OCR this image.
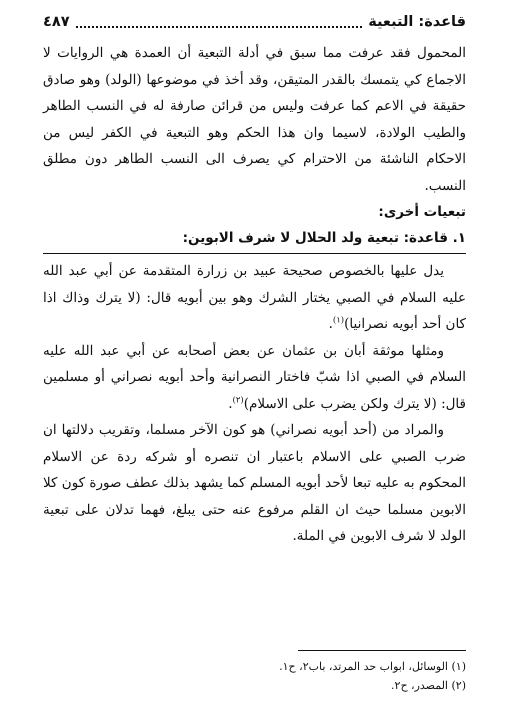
قاعدة: التبعية
٤٨٧

المحمول فقد عرفت مما سبق في أدلة التبعية أن العمدة هي الروايات لا الاجماع كي يتمسك بالقدر المتيقن، وقد أخذ في موضوعها (الولد) وهو صادق حقيقة في الاعم كما عرفت وليس من قرائن صارفة له في النسب الطاهر والطيب الولادة، لاسيما وان هذا الحكم وهو التبعية في الكفر ليس من الاحكام الناشئة من الاحترام كي يصرف الى النسب الطاهر دون مطلق النسب.

تبعيات أخرى:

١. قاعدة: تبعية ولد الحلال لا شرف الابوين:

يدل عليها بالخصوص صحيحة عبيد بن زرارة المتقدمة عن أبي عبد الله عليه السلام في الصبي يختار الشرك وهو بين أبويه قال: (لا يترك وذاك اذا كان أحد أبويه نصرانيا)$^{(١)}$.

ومثلها موثقة أبان بن عثمان عن بعض أصحابه عن أبي عبد الله عليه السلام في الصبي اذا شبّ فاختار النصرانية وأحد أبويه نصراني أو مسلمين قال: (لا يترك ولكن يضرب على الاسلام)$^{(٢)}$.

والمراد من (أحد أبويه نصراني) هو كون الآخر مسلما، وتقريب دلالتها ان ضرب الصبي على الاسلام باعتبار ان تنصره أو شركه ردة عن الاسلام المحكوم به عليه تبعا لأحد أبويه المسلم كما يشهد بذلك عطف صورة كون كلا الابوين مسلما حيث ان القلم مرفوع عنه حتى يبلغ، فهما تدلان على تبعية الولد لا شرف الابوين في الملة.

(١) الوسائل، ابواب حد المرتد، باب٢، ح١.

(٢) المصدر، ح٢.
